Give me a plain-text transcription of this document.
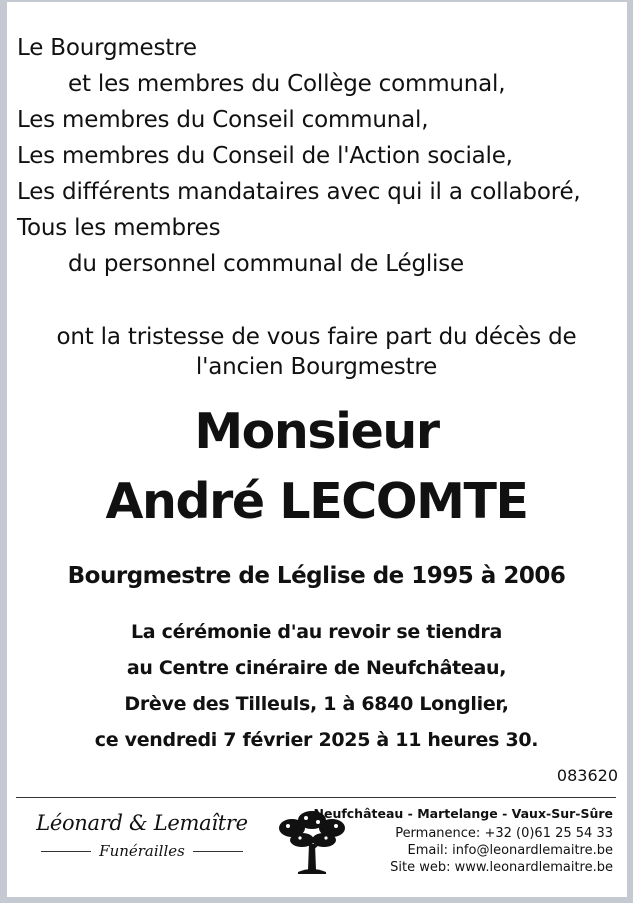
Le Bourgmestre
et les membres du Collège communal,
Les membres du Conseil communal,
Les membres du Conseil de l'Action sociale,
Les différents mandataires avec qui il a collaboré,
Tous les membres
du personnel communal de Léglise
ont la tristesse de vous faire part du décès de
l'ancien Bourgmestre
Monsieur
André LECOMTE
Bourgmestre de Léglise de 1995 à 2006
La cérémonie d'au revoir se tiendra
au Centre cinéraire de Neufchâteau,
Drève des Tilleuls, 1 à 6840 Longlier,
ce vendredi 7 février 2025 à 11 heures 30.
083620
Léonard & Lemaître
Funérailles
Neufchâteau - Martelange - Vaux-Sur-Sûre
Permanence: +32 (0)61 25 54 33
Email: info@leonardlemaitre.be
Site web: www.leonardlemaitre.be
